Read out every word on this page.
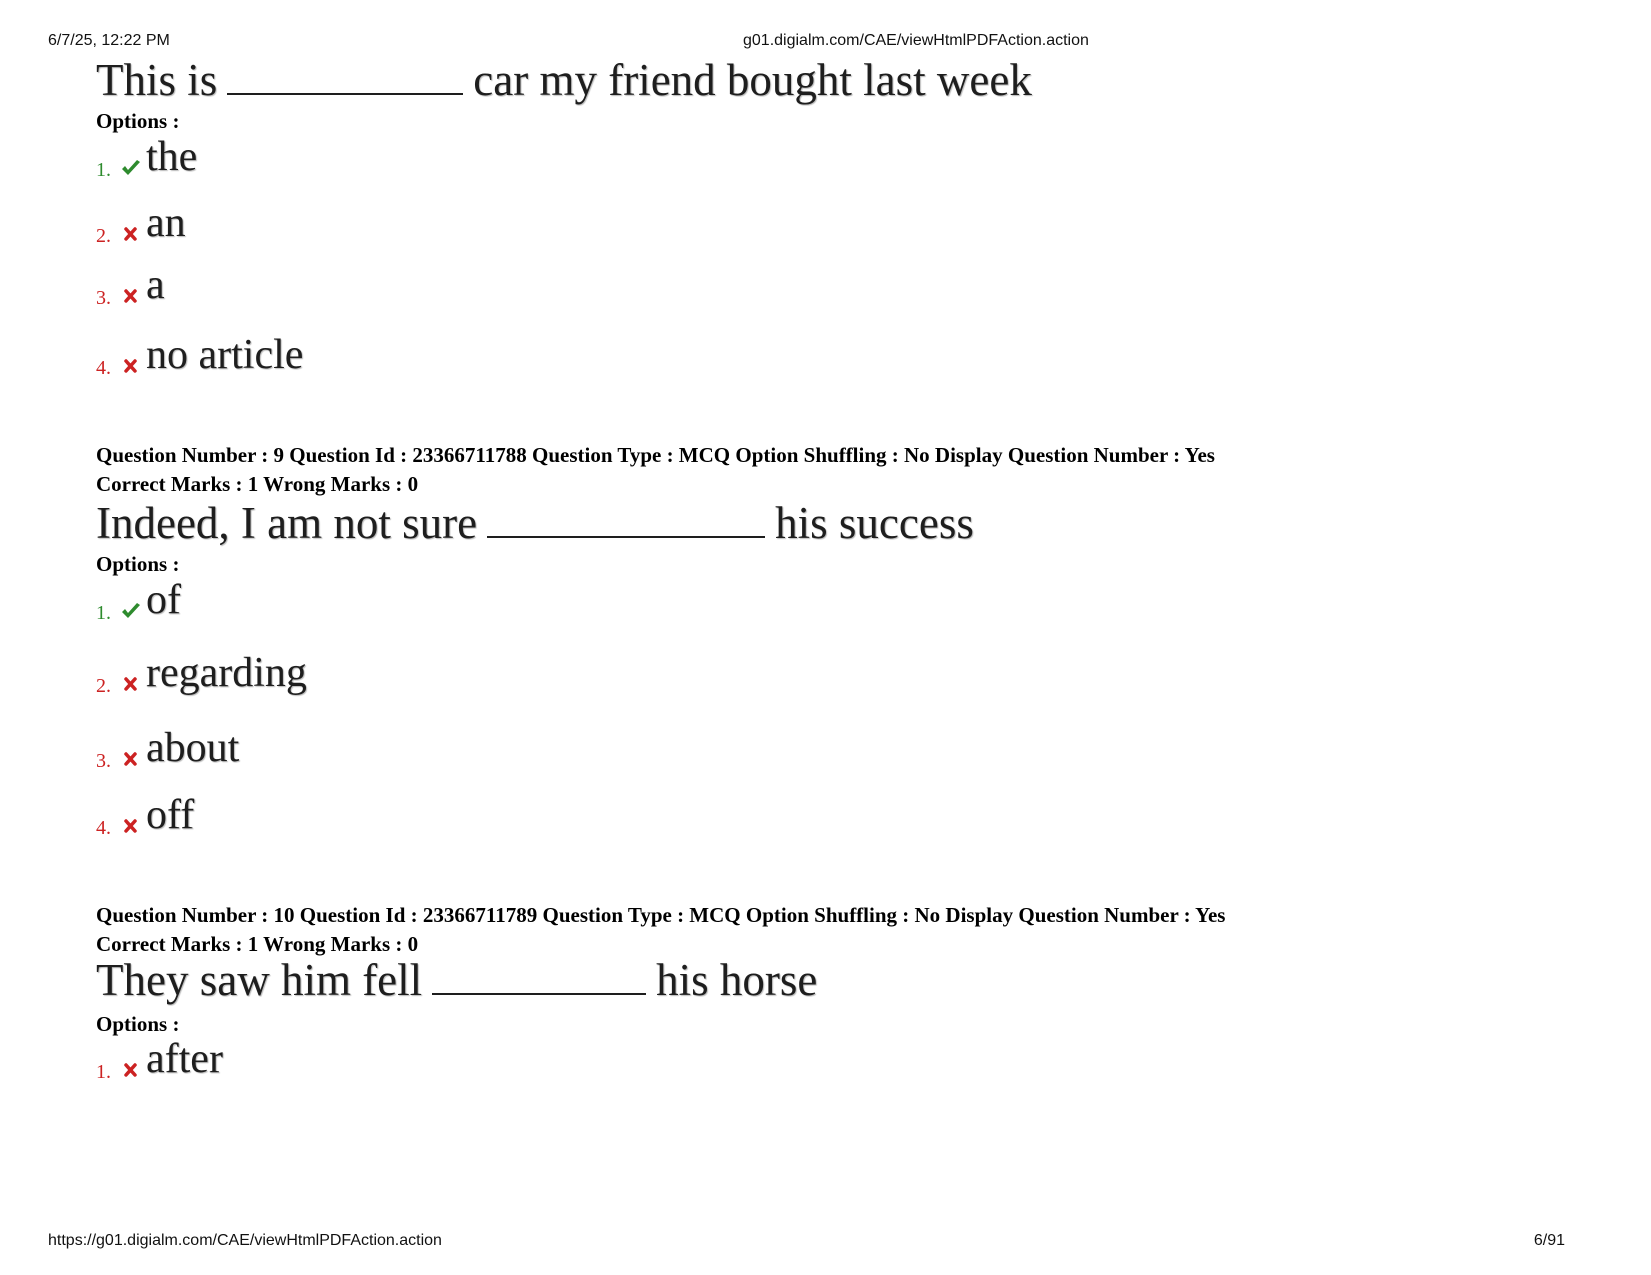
6/7/25, 12:22 PM	g01.digialm.com/CAE/viewHtmlPDFAction.action
https://g01.digialm.com/CAE/viewHtmlPDFAction.action	6/91
This is	car my friend bought last week
Options :
1. the
2. an
3. a
4. no article
Question Number : 9 Question Id : 23366711788 Question Type : MCQ Option Shuffling : No Display Question Number : Yes
Correct Marks : 1 Wrong Marks : 0
Indeed, I am not sure	his success
Options :
1. of
2. regarding
3. about
4. off
Question Number : 10 Question Id : 23366711789 Question Type : MCQ Option Shuffling : No Display Question Number : Yes
Correct Marks : 1 Wrong Marks : 0
They saw him fell	his horse
Options :
1. after
